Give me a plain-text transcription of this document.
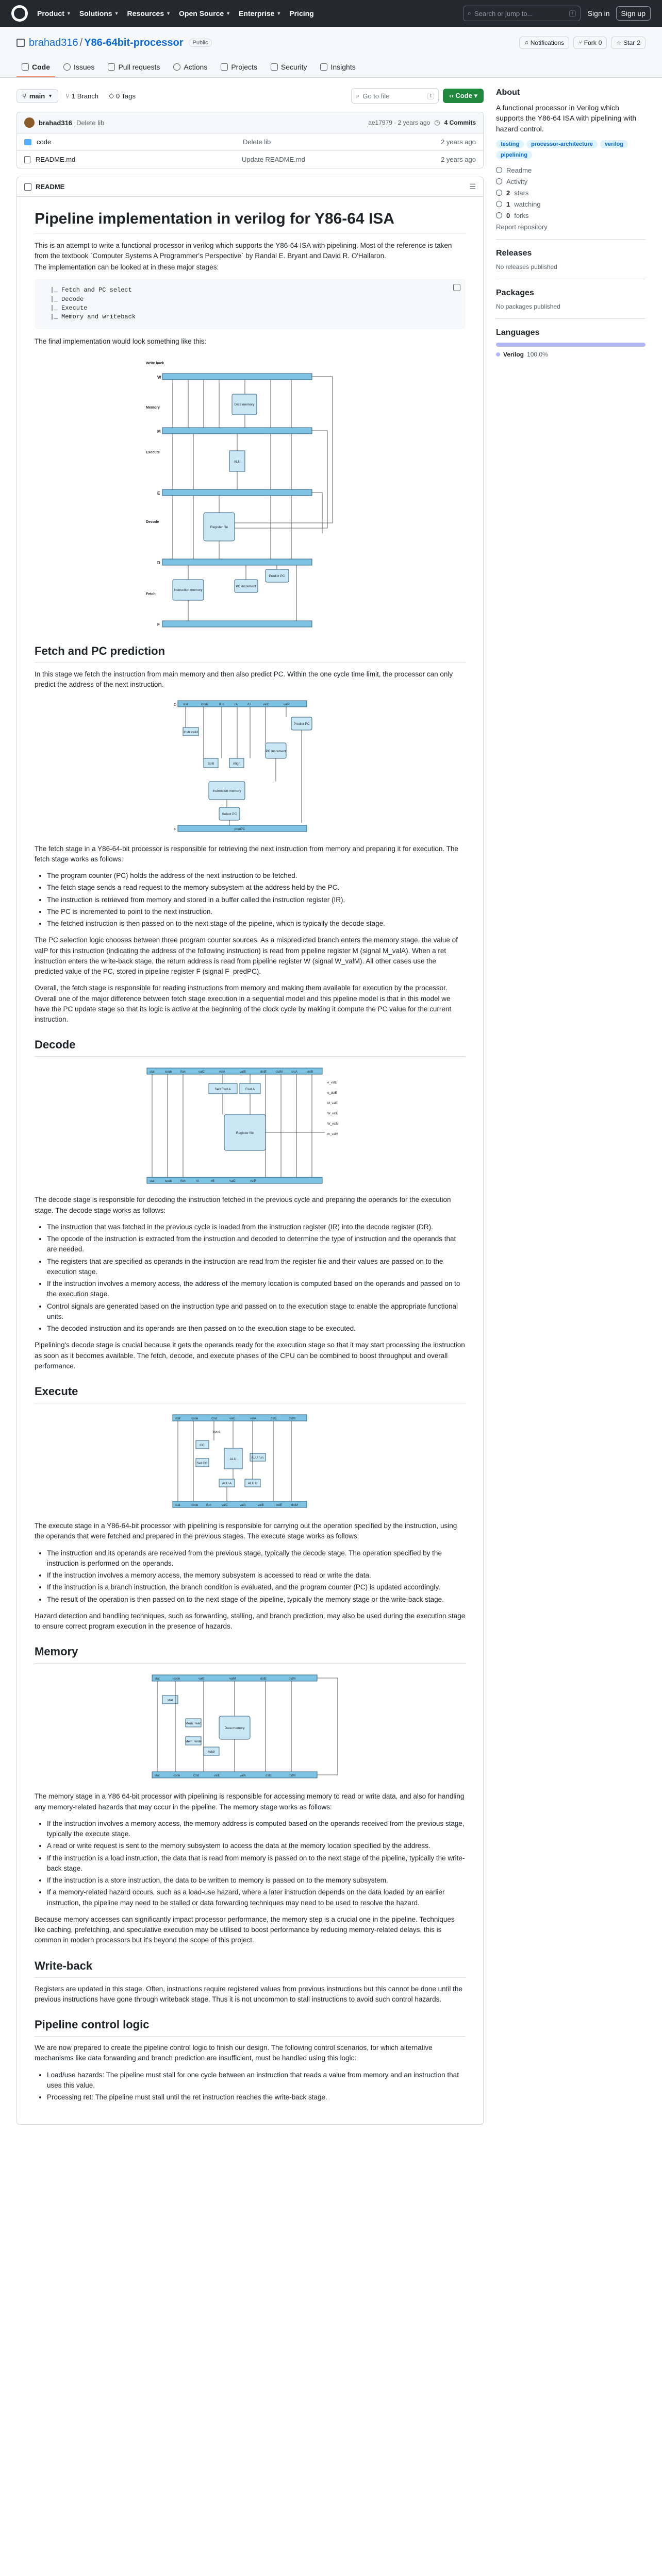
Product ▼ Solutions ▼ Resources ▼ Open Source ▼ Enterprise ▼ Pricing	⌕ Search or jump to...	/	Sign in	Sign up
brahad316 / Y86-64bit-processor	Public	♫ Notifications	⑂ Fork 0	☆ Star 2
Code	Issues	Pull requests	Actions	Projects	Security	Insights
⑂ main ▼ ⑂ 1 Branch ◇ 0 Tags	⌕ Go to file	t	‹› Code ▾
brahad316 Delete lib	ae17979 · 2 years ago ◷ 4 Commits
code	Delete lib	2 years ago
README.md	Update README.md	2 years ago
README	☰
Pipeline implementation in verilog for Y86-64 ISA

This is an attempt to write a functional processor in verilog which supports the Y86-64 ISA with pipelining. Most of the reference is taken from the textbook `Computer Systems A Programmer's Perspective` by Randal E. Bryant and David R. O'Hallaron.

The implementation can be looked at in these major stages:

|_ Fetch and PC select
|_ Decode
|_ Execute
|_ Memory and writeback

The final implementation would look something like this:

Write back
Memory
Execute
Decode
Fetch
W
M
E
D
F
Data memory
ALU
Register file
Instruction memory
PC increment
Predict PC
Fetch and PC prediction

In this stage we fetch the instruction from main memory and then also predict PC. Within the one cycle time limit, the processor can only predict the address of the next instruction.

D
F
stat	icode	ifun	rA	rB	valC	valP
predPC
Instruction memory
Split	Align
PC increment
Predict PC
Select PC
Instr valid

The fetch stage in a Y86-64-bit processor is responsible for retrieving the next instruction from memory and preparing it for execution. The fetch stage works as follows:

• The program counter (PC) holds the address of the next instruction to be fetched.
• The fetch stage sends a read request to the memory subsystem at the address held by the PC.
• The instruction is retrieved from memory and stored in a buffer called the instruction register (IR).
• The PC is incremented to point to the next instruction.
• The fetched instruction is then passed on to the next stage of the pipeline, which is typically the decode stage.

The PC selection logic chooses between three program counter sources. As a mispredicted branch enters the memory stage, the value of valP for this instruction (indicating the address of the following instruction) is read from pipeline register M (signal M_valA). When a ret instruction enters the write-back stage, the return address is read from pipeline register W (signal W_valM). All other cases use the predicted value of the PC, stored in pipeline register F (signal F_predPC).

Overall, the fetch stage is responsible for reading instructions from memory and making them available for execution by the processor. Overall one of the major difference between fetch stage execution in a sequential model and this pipeline model is that in this model we have the PC update stage so that its logic is active at the beginning of the clock cycle by making it compute the PC value for the current instruction.

Decode
stat	icode	ifun	valC	valA	valB	dstE	dstM	srcA	srcB
stat	icode	ifun	rA	rB	valC	valP
Sel+Fwd A	Fwd A
Register file
e_valE
e_dstE
M_valE
W_valE
W_valM
m_valM

The decode stage is responsible for decoding the instruction fetched in the previous cycle and preparing the operands for the execution stage. The decode stage works as follows:

• The instruction that was fetched in the previous cycle is loaded from the instruction register (IR) into the decode register (DR).
• The opcode of the instruction is extracted from the instruction and decoded to determine the type of instruction and the operands that are needed.
• The registers that are specified as operands in the instruction are read from the register file and their values are passed on to the execution stage.
• If the instruction involves a memory access, the address of the memory location is computed based on the operands and passed on to the execution stage.
• Control signals are generated based on the instruction type and passed on to the execution stage to enable the appropriate functional units.
• The decoded instruction and its operands are then passed on to the execution stage to be executed.

Pipelining's decode stage is crucial because it gets the operands ready for the execution stage so that it may start processing the instruction as soon as it becomes available. The fetch, decode, and execute phases of the CPU can be combined to boost throughput and overall performance.

Execute
stat	icode	Cnd	valE	valA	dstE	dstM
stat	icode	ifun	valC	valA	valB	dstE	dstM
CC
ALU
ALU A	ALU B
ALU fun.
Set CC
cond

The execute stage in a Y86-64-bit processor with pipelining is responsible for carrying out the operation specified by the instruction, using the operands that were fetched and prepared in the previous stages. The execute stage works as follows:

• The instruction and its operands are received from the previous stage, typically the decode stage. The operation specified by the instruction is performed on the operands.
• If the instruction involves a memory access, the memory subsystem is accessed to read or write the data.
• If the instruction is a branch instruction, the branch condition is evaluated, and the program counter (PC) is updated accordingly.
• The result of the operation is then passed on to the next stage of the pipeline, typically the memory stage or the write-back stage.

Hazard detection and handling techniques, such as forwarding, stalling, and branch prediction, may also be used during the execution stage to ensure correct program execution in the presence of hazards.

Memory
stat	icode	valE	valM	dstE	dstM
stat	icode	Cnd	valE	valA	dstE	dstM
Data memory
Mem. read
Mem. write
Addr
stat

The memory stage in a Y86 64-bit processor with pipelining is responsible for accessing memory to read or write data, and also for handling any memory-related hazards that may occur in the pipeline. The memory stage works as follows:

• If the instruction involves a memory access, the memory address is computed based on the operands received from the previous stage, typically the execute stage.
• A read or write request is sent to the memory subsystem to access the data at the memory location specified by the address.
• If the instruction is a load instruction, the data that is read from memory is passed on to the next stage of the pipeline, typically the write-back stage.
• If the instruction is a store instruction, the data to be written to memory is passed on to the memory subsystem.
• If a memory-related hazard occurs, such as a load-use hazard, where a later instruction depends on the data loaded by an earlier instruction, the pipeline may need to be stalled or data forwarding techniques may need to be used to resolve the hazard.

Because memory accesses can significantly impact processor performance, the memory step is a crucial one in the pipeline. Techniques like caching, prefetching, and speculative execution may be utilised to boost performance by reducing memory-related delays, this is common in modern processors but it's beyond the scope of this project.

Write-back

Registers are updated in this stage. Often, instructions require registered values from previous instructions but this cannot be done until the previous instructions have gone through writeback stage. Thus it is not uncommon to stall instructions to avoid such control hazards.

Pipeline control logic

We are now prepared to create the pipeline control logic to finish our design. The following control scenarios, for which alternative mechanisms like data forwarding and branch prediction are insufficient, must be handled using this logic:

• Load/use hazards: The pipeline must stall for one cycle between an instruction that reads a value from memory and an instruction that uses this value.
• Processing ret: The pipeline must stall until the ret instruction reaches the write-back stage.
About

A functional processor in Verilog which supports the Y86-64 ISA with pipelining with hazard control.

testing	processor-architecture	verilog
pipelining
Readme
Activity
2 stars
1 watching
0 forks
Report repository
Releases
No releases published
Packages
No packages published
Languages
Verilog 100.0%
